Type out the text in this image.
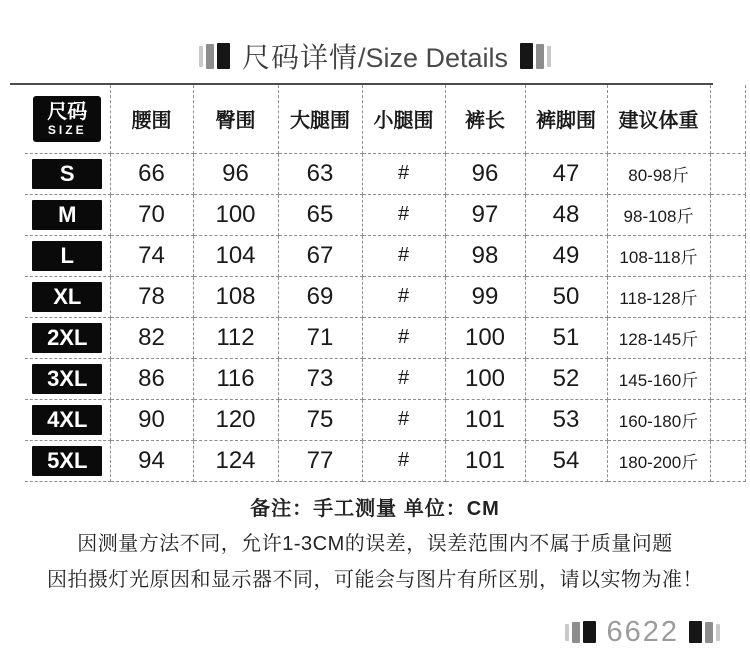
尺码详情/Size Details
尺码
SIZE	腰围	臀围	大腿围	小腿围	裤长	裤脚围	建议体重	
S	66	96	63	#	96	47	80-98斤	
M	70	100	65	#	97	48	98-108斤	
L	74	104	67	#	98	49	108-118斤	
XL	78	108	69	#	99	50	118-128斤	
2XL	82	112	71	#	100	51	128-145斤	
3XL	86	116	73	#	100	52	145-160斤	
4XL	90	120	75	#	101	53	160-180斤	
5XL	94	124	77	#	101	54	180-200斤	
备注：手工测量 单位：CM
因测量方法不同，允许1-3CM的误差，误差范围内不属于质量问题
因拍摄灯光原因和显示器不同，可能会与图片有所区别，请以实物为准！
6622
